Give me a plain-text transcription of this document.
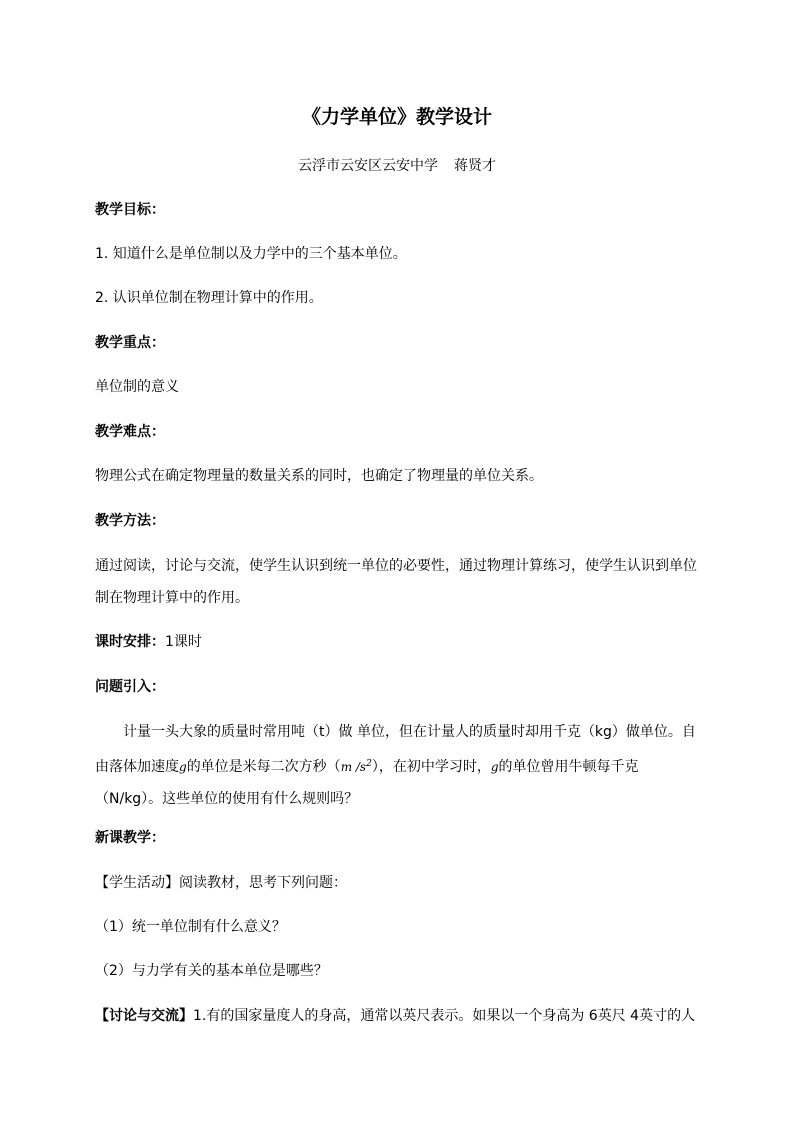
《力学单位》教学设计
云浮市云安区云安中学 蒋贤才
教学目标：
1. 知道什么是单位制以及力学中的三个基本单位。
2. 认识单位制在物理计算中的作用。
教学重点：
单位制的意义
教学难点：
物理公式在确定物理量的数量关系的同时，也确定了物理量的单位关系。
教学方法：
通过阅读，讨论与交流，使学生认识到统一单位的必要性，通过物理计算练习，使学生认识到单位制在物理计算中的作用。
课时安排：1课时
问题引入：
计量一头大象的质量时常用吨（t）做 单位，但在计量人的质量时却用千克（kg）做单位。自由落体加速度g的单位是米每二次方秒（m $/s^2$），在初中学习时，g的单位曾用牛顿每千克（N/kg）。这些单位的使用有什么规则吗？
新课教学：
【学生活动】阅读教材，思考下列问题：
（1）统一单位制有什么意义？
（2）与力学有关的基本单位是哪些？
【讨论与交流】1.有的国家量度人的身高，通常以英尺表示。如果以一个身高为 6英尺 4英寸的人
